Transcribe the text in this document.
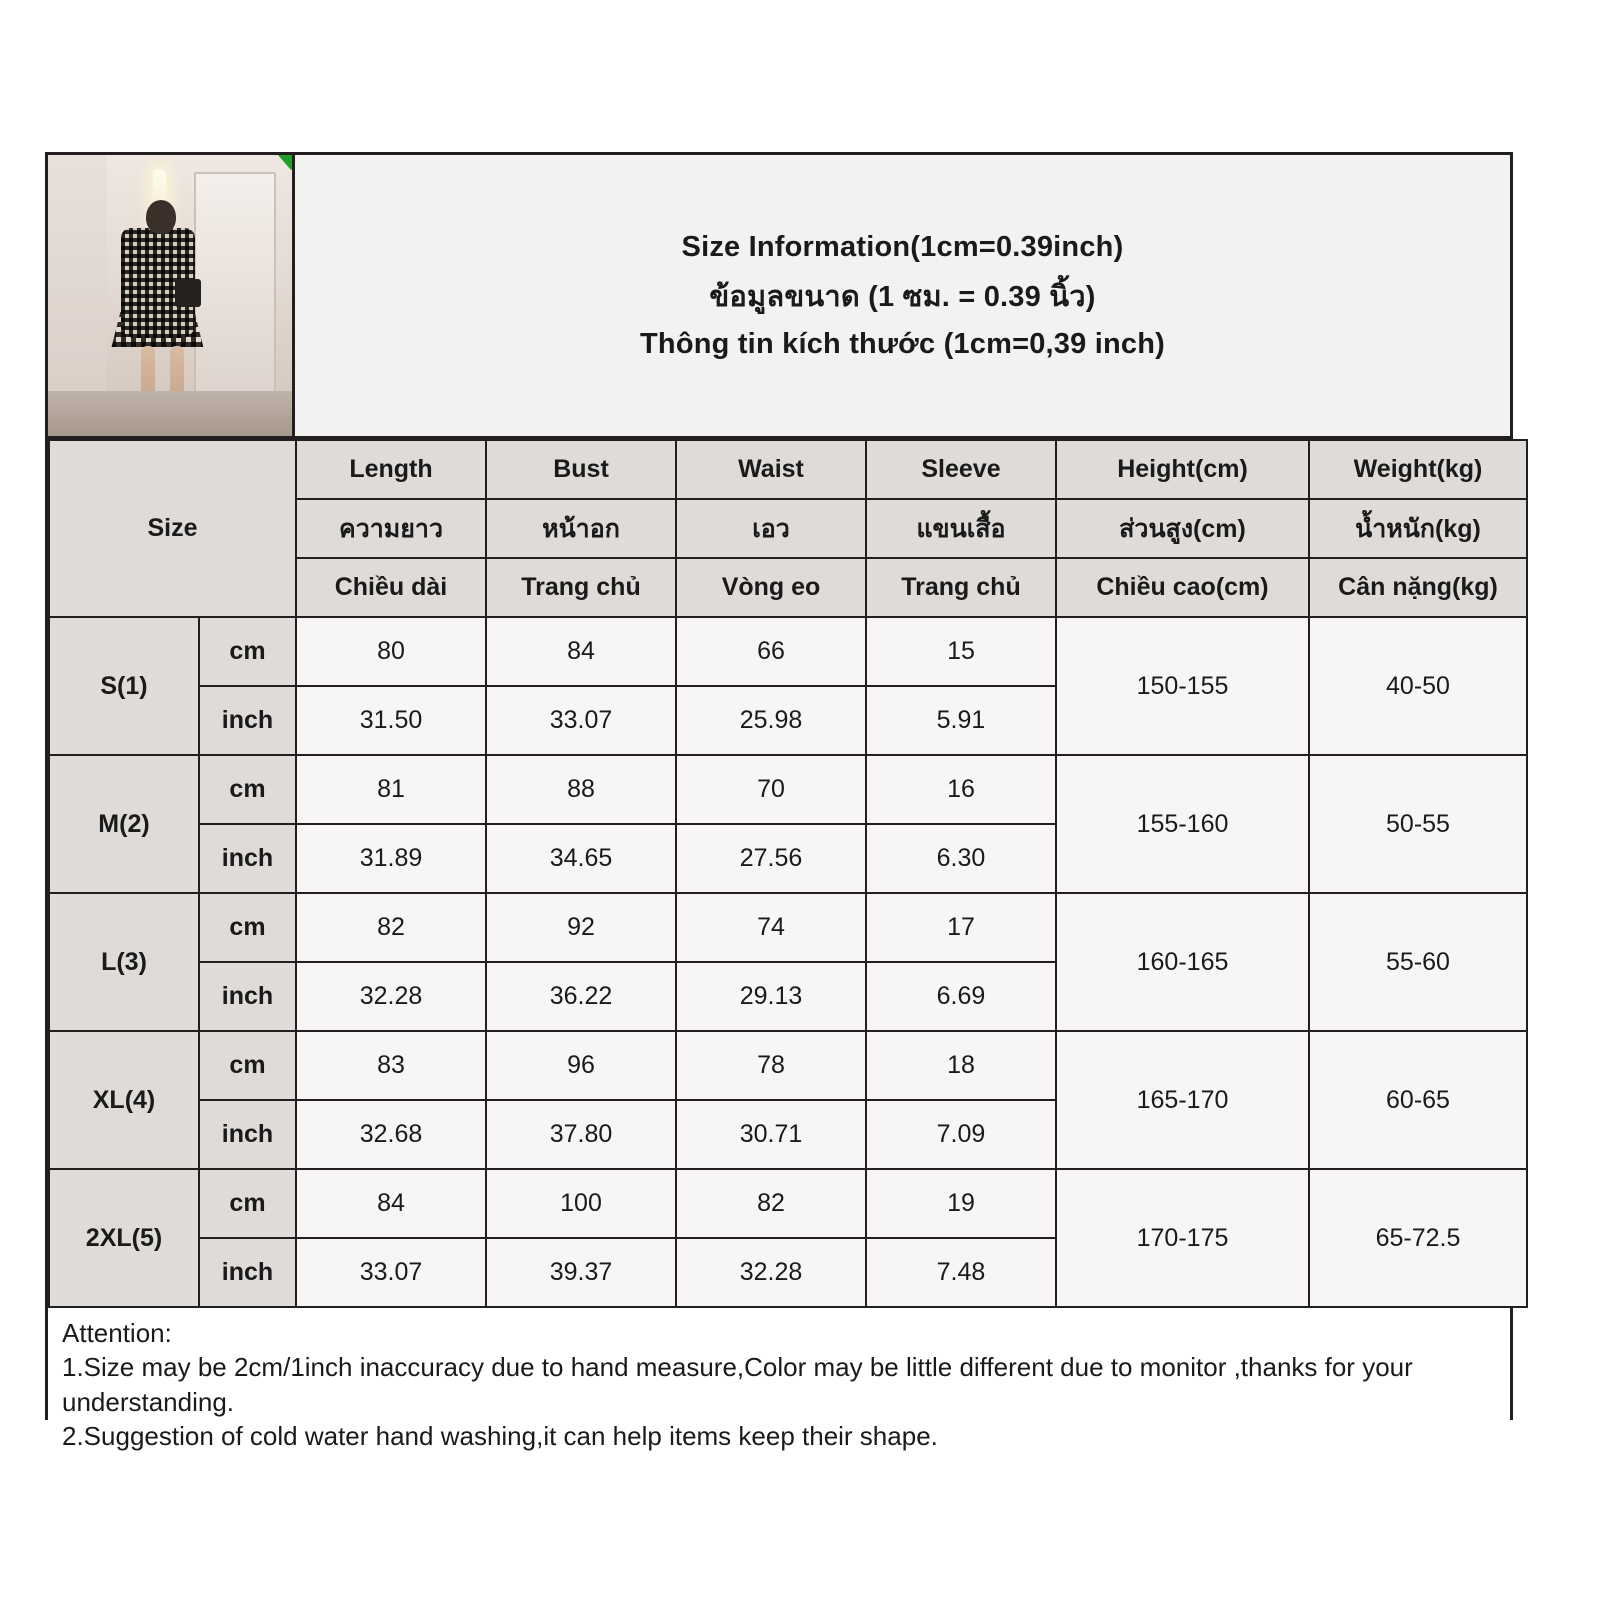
Size Information(1cm=0.39inch)
ข้อมูลขนาด (1 ซม. = 0.39 นิ้ว)
Thông tin kích thước (1cm=0,39 inch)
Size		Length	Bust	Waist	Sleeve	Height(cm)	Weight(kg)
		ความยาว	หน้าอก	เอว	แขนเสื้อ	ส่วนสูง(cm)	น้ำหนัก(kg)
		Chiều dài	Trang chủ	Vòng eo	Trang chủ	Chiều cao(cm)	Cân nặng(kg)
S(1)	cm	80	84	66	15	150-155	40-50
	inch	31.50	33.07	25.98	5.91		
M(2)	cm	81	88	70	16	155-160	50-55
	inch	31.89	34.65	27.56	6.30		
L(3)	cm	82	92	74	17	160-165	55-60
	inch	32.28	36.22	29.13	6.69		
XL(4)	cm	83	96	78	18	165-170	60-65
	inch	32.68	37.80	30.71	7.09		
2XL(5)	cm	84	100	82	19	170-175	65-72.5
	inch	33.07	39.37	32.28	7.48		
Attention:
1.Size may be 2cm/1inch inaccuracy due to hand measure,Color may be little different due to monitor ,thanks for your understanding.
2.Suggestion of cold water hand washing,it can help items keep their shape.
